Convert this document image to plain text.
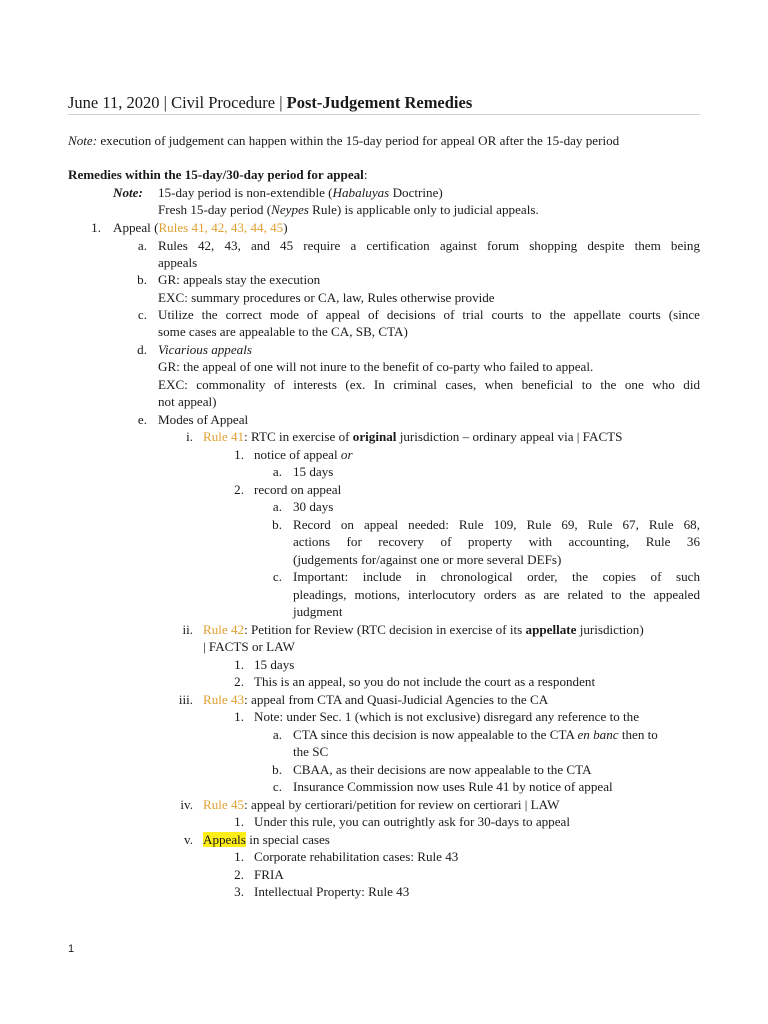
June 11, 2020 | Civil Procedure | Post-Judgement Remedies
Note: execution of judgement can happen within the 15-day period for appeal OR after the 15-day period
Remedies within the 15-day/30-day period for appeal:
Note: 15-day period is non-extendible (Habaluyas Doctrine)
Fresh 15-day period (Neypes Rule) is applicable only to judicial appeals.
1. Appeal (Rules 41, 42, 43, 44, 45)
a. Rules 42, 43, and 45 require a certification against forum shopping despite them being
appeals
b. GR: appeals stay the execution
EXC: summary procedures or CA, law, Rules otherwise provide
c. Utilize the correct mode of appeal of decisions of trial courts to the appellate courts (since
some cases are appealable to the CA, SB, CTA)
d. Vicarious appeals
GR: the appeal of one will not inure to the benefit of co-party who failed to appeal.
EXC: commonality of interests (ex. In criminal cases, when beneficial to the one who did
not appeal)
e. Modes of Appeal
i. Rule 41: RTC in exercise of original jurisdiction – ordinary appeal via | FACTS
1. notice of appeal or
a. 15 days
2. record on appeal
a. 30 days
b. Record on appeal needed: Rule 109, Rule 69, Rule 67, Rule 68,
actions for recovery of property with accounting, Rule 36
(judgements for/against one or more several DEFs)
c. Important: include in chronological order, the copies of such
pleadings, motions, interlocutory orders as are related to the appealed
judgment
ii. Rule 42: Petition for Review (RTC decision in exercise of its appellate jurisdiction)
| FACTS or LAW
1. 15 days
2. This is an appeal, so you do not include the court as a respondent
iii. Rule 43: appeal from CTA and Quasi-Judicial Agencies to the CA
1. Note: under Sec. 1 (which is not exclusive) disregard any reference to the
a. CTA since this decision is now appealable to the CTA en banc then to
the SC
b. CBAA, as their decisions are now appealable to the CTA
c. Insurance Commission now uses Rule 41 by notice of appeal
iv. Rule 45: appeal by certiorari/petition for review on certiorari | LAW
1. Under this rule, you can outrightly ask for 30-days to appeal
v. Appeals in special cases
1. Corporate rehabilitation cases: Rule 43
2. FRIA
3. Intellectual Property: Rule 43
1
